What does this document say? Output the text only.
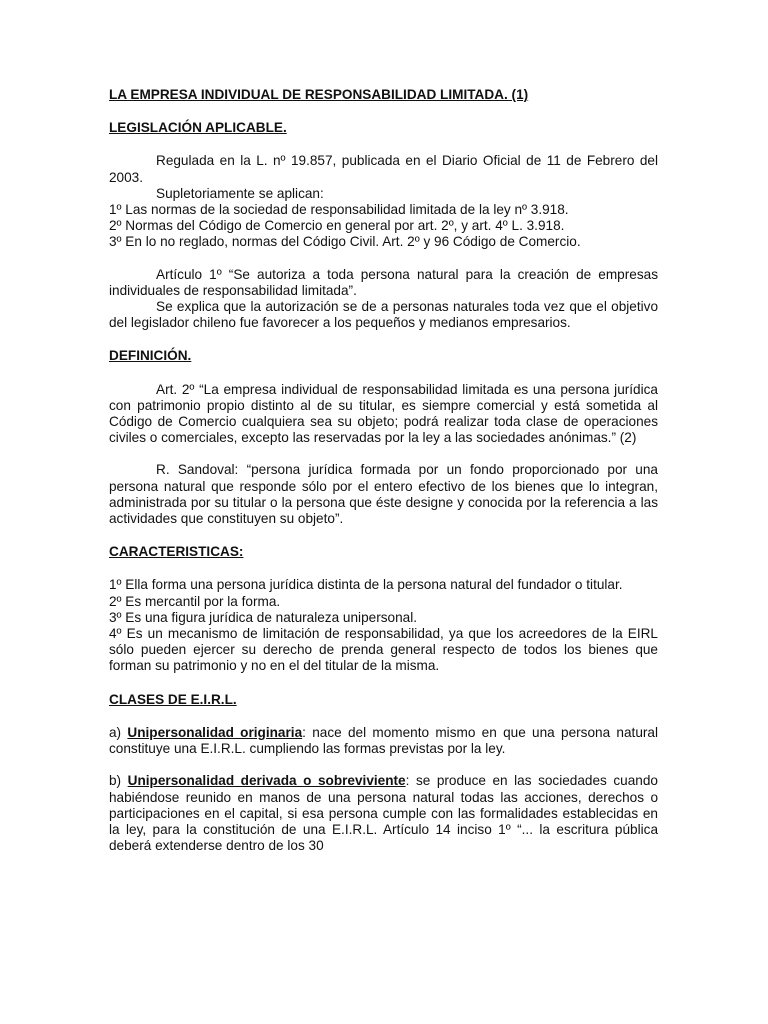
LA EMPRESA INDIVIDUAL DE RESPONSABILIDAD LIMITADA. (1)

LEGISLACIÓN APLICABLE.

Regulada en la L. nº 19.857, publicada en el Diario Oficial de 11 de Febrero del 2003.

Supletoriamente se aplican:

1º Las normas de la sociedad de responsabilidad limitada de la ley nº 3.918.

2º Normas del Código de Comercio en general por art. 2º, y art. 4º L. 3.918.

3º En lo no reglado, normas del Código Civil. Art. 2º y 96 Código de Comercio.

Artículo 1º “Se autoriza a toda persona natural para la creación de empresas individuales de responsabilidad limitada”.

Se explica que la autorización se de a personas naturales toda vez que el objetivo del legislador chileno fue favorecer a los pequeños y medianos empresarios.

DEFINICIÓN.

Art. 2º “La empresa individual de responsabilidad limitada es una persona jurídica con patrimonio propio distinto al de su titular, es siempre comercial y está sometida al Código de Comercio cualquiera sea su objeto; podrá realizar toda clase de operaciones civiles o comerciales, excepto las reservadas por la ley a las sociedades anónimas.” (2)

R. Sandoval: “persona jurídica formada por un fondo proporcionado por una persona natural que responde sólo por el entero efectivo de los bienes que lo integran, administrada por su titular o la persona que éste designe y conocida por la referencia a las actividades que constituyen su objeto”.

CARACTERISTICAS:

1º Ella forma una persona jurídica distinta de la persona natural del fundador o titular.

2º Es mercantil por la forma.

3º Es una figura jurídica de naturaleza unipersonal.

4º Es un mecanismo de limitación de responsabilidad, ya que los acreedores de la EIRL sólo pueden ejercer su derecho de prenda general respecto de todos los bienes que forman su patrimonio y no en el del titular de la misma.

CLASES DE E.I.R.L.

a) Unipersonalidad originaria: nace del momento mismo en que una persona natural constituye una E.I.R.L. cumpliendo las formas previstas por la ley.

b) Unipersonalidad derivada o sobreviviente: se produce en las sociedades cuando habiéndose reunido en manos de una persona natural todas las acciones, derechos o participaciones en el capital, si esa persona cumple con las formalidades establecidas en la ley, para la constitución de una E.I.R.L. Artículo 14 inciso 1º “... la escritura pública deberá extenderse dentro de los 30
